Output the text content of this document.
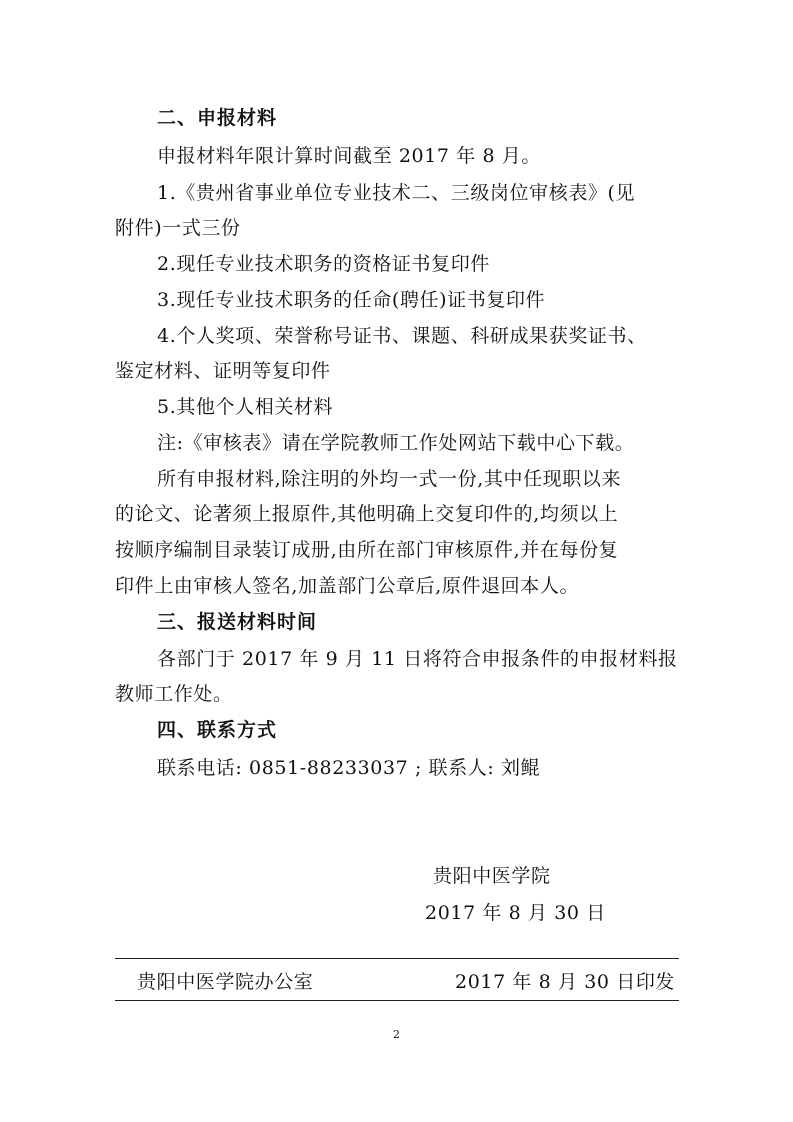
二、申报材料
申报材料年限计算时间截至 2017 年 8 月。
1.《贵州省事业单位专业技术二、三级岗位审核表》(见
附件)一式三份
2.现任专业技术职务的资格证书复印件
3.现任专业技术职务的任命(聘任)证书复印件
4.个人奖项、荣誉称号证书、课题、科研成果获奖证书、
鉴定材料、证明等复印件
5.其他个人相关材料
注:《审核表》请在学院教师工作处网站下载中心下载。
所有申报材料,除注明的外均一式一份,其中任现职以来
的论文、论著须上报原件,其他明确上交复印件的,均须以上
按顺序编制目录装订成册,由所在部门审核原件,并在每份复
印件上由审核人签名,加盖部门公章后,原件退回本人。
三、报送材料时间
各部门于 2017 年 9 月 11 日将符合申报条件的申报材料报
教师工作处。
四、联系方式
联系电话: 0851-88233037 ; 联系人: 刘鲲
贵阳中医学院
2017 年 8 月 30 日
贵阳中医学院办公室	2017 年 8 月 30 日印发
2
